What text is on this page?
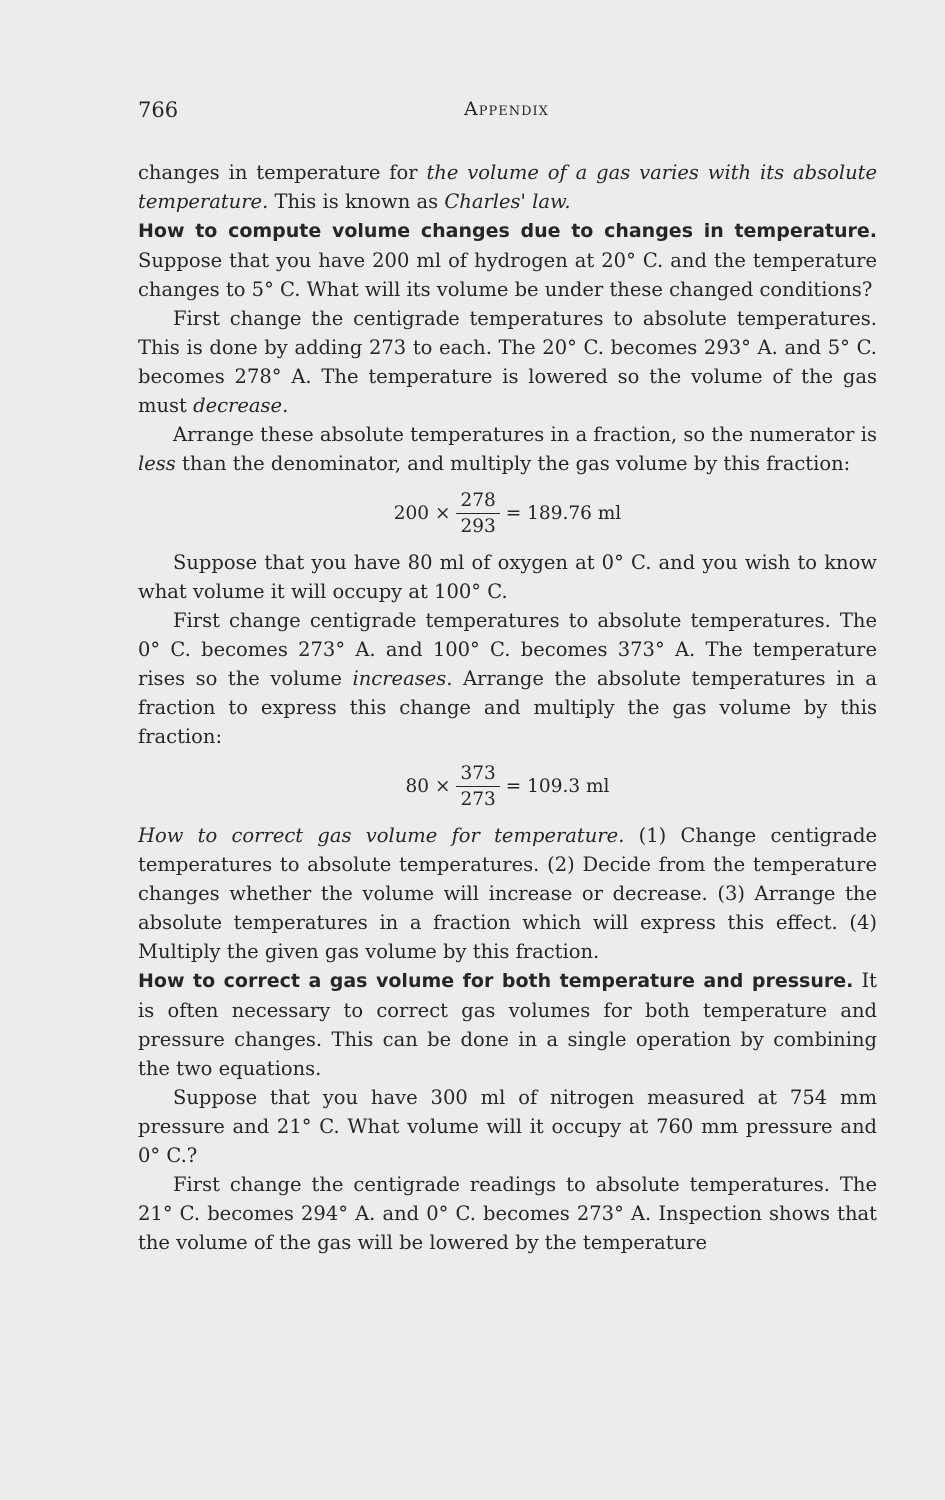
766	Appendix

changes in temperature for the volume of a gas varies with its absolute temperature. This is known as Charles' law.

How to compute volume changes due to changes in temperature. Suppose that you have 200 ml of hydrogen at 20° C. and the temperature changes to 5° C. What will its volume be under these changed conditions?

First change the centigrade temperatures to absolute temperatures. This is done by adding 273 to each. The 20° C. becomes 293° A. and 5° C. becomes 278° A. The temperature is lowered so the volume of the gas must decrease.

Arrange these absolute temperatures in a fraction, so the numerator is less than the denominator, and multiply the gas volume by this fraction:

$200 \times \frac{278}{293} = 189.76$ ml

Suppose that you have 80 ml of oxygen at 0° C. and you wish to know what volume it will occupy at 100° C.

First change centigrade temperatures to absolute temperatures. The 0° C. becomes 273° A. and 100° C. becomes 373° A. The temperature rises so the volume increases. Arrange the absolute temperatures in a fraction to express this change and multiply the gas volume by this fraction:

$80 \times \frac{373}{273} = 109.3$ ml

How to correct gas volume for temperature. (1) Change centigrade temperatures to absolute temperatures. (2) Decide from the temperature changes whether the volume will increase or decrease. (3) Arrange the absolute temperatures in a fraction which will express this effect. (4) Multiply the given gas volume by this fraction.

How to correct a gas volume for both temperature and pressure. It is often necessary to correct gas volumes for both temperature and pressure changes. This can be done in a single operation by combining the two equations.

Suppose that you have 300 ml of nitrogen measured at 754 mm pressure and 21° C. What volume will it occupy at 760 mm pressure and 0° C.?

First change the centigrade readings to absolute temperatures. The 21° C. becomes 294° A. and 0° C. becomes 273° A. Inspection shows that the volume of the gas will be lowered by the temperature
